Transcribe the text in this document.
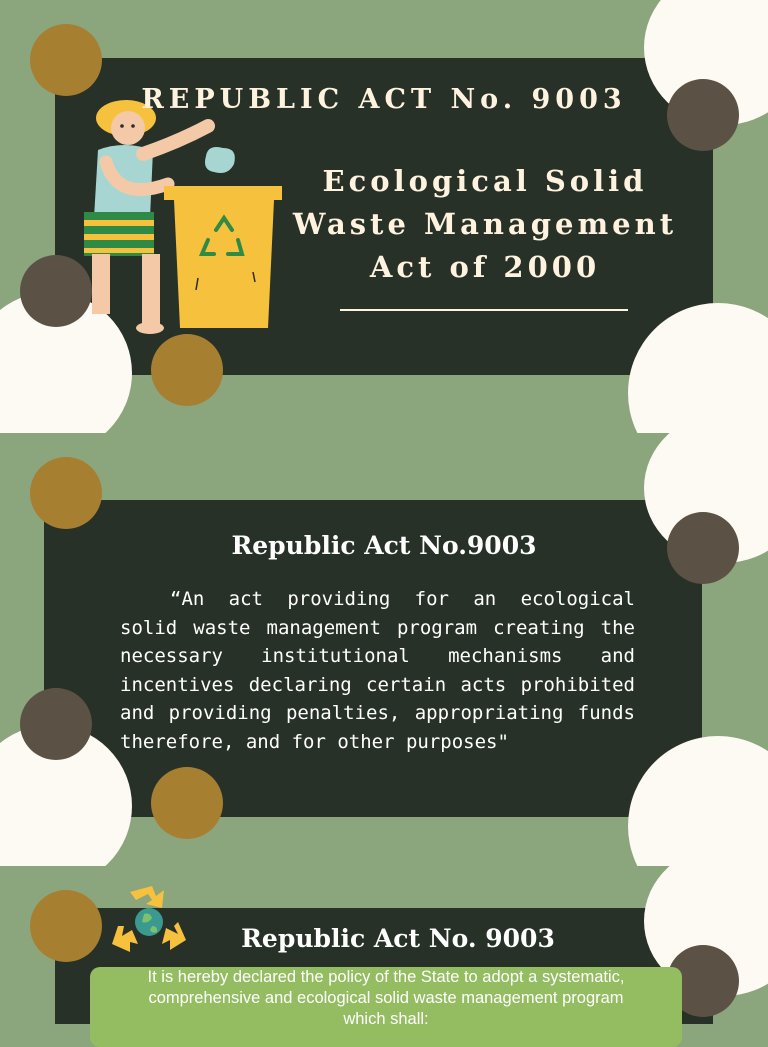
REPUBLIC ACT No. 9003
Ecological Solid
Waste Management
Act of 2000
Republic Act No.9003
“An act providing for an ecological solid waste management program creating the necessary institutional mechanisms and incentives declaring certain acts prohibited and providing penalties, appropriating funds therefore, and for other purposes"
Republic Act No. 9003
It is hereby declared the policy of the State to adopt a systematic,
comprehensive and ecological solid waste management program
which shall:
